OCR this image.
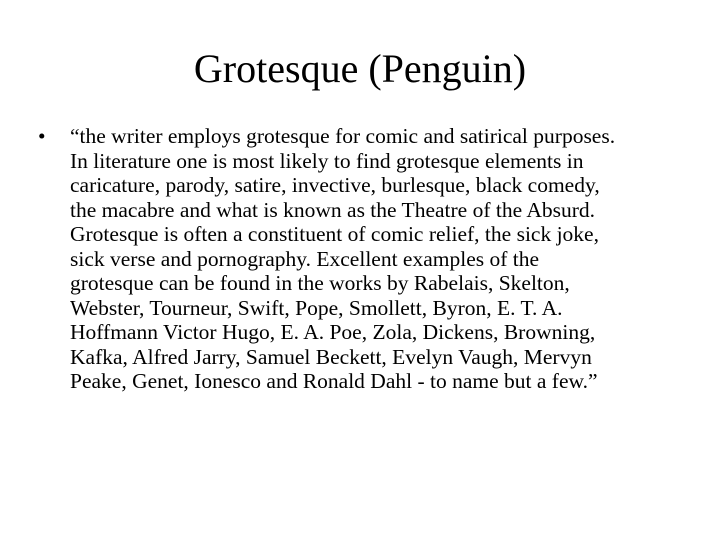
Grotesque (Penguin)
• “the writer employs grotesque for comic and satirical purposes.
In literature one is most likely to find grotesque elements in
caricature, parody, satire, invective, burlesque, black comedy,
the macabre and what is known as the Theatre of the Absurd.
Grotesque is often a constituent of comic relief, the sick joke,
sick verse and pornography. Excellent examples of the
grotesque can be found in the works by Rabelais, Skelton,
Webster, Tourneur, Swift, Pope, Smollett, Byron, E. T. A.
Hoffmann Victor Hugo, E. A. Poe, Zola, Dickens, Browning,
Kafka, Alfred Jarry, Samuel Beckett, Evelyn Vaugh, Mervyn
Peake, Genet, Ionesco and Ronald Dahl - to name but a few.”
